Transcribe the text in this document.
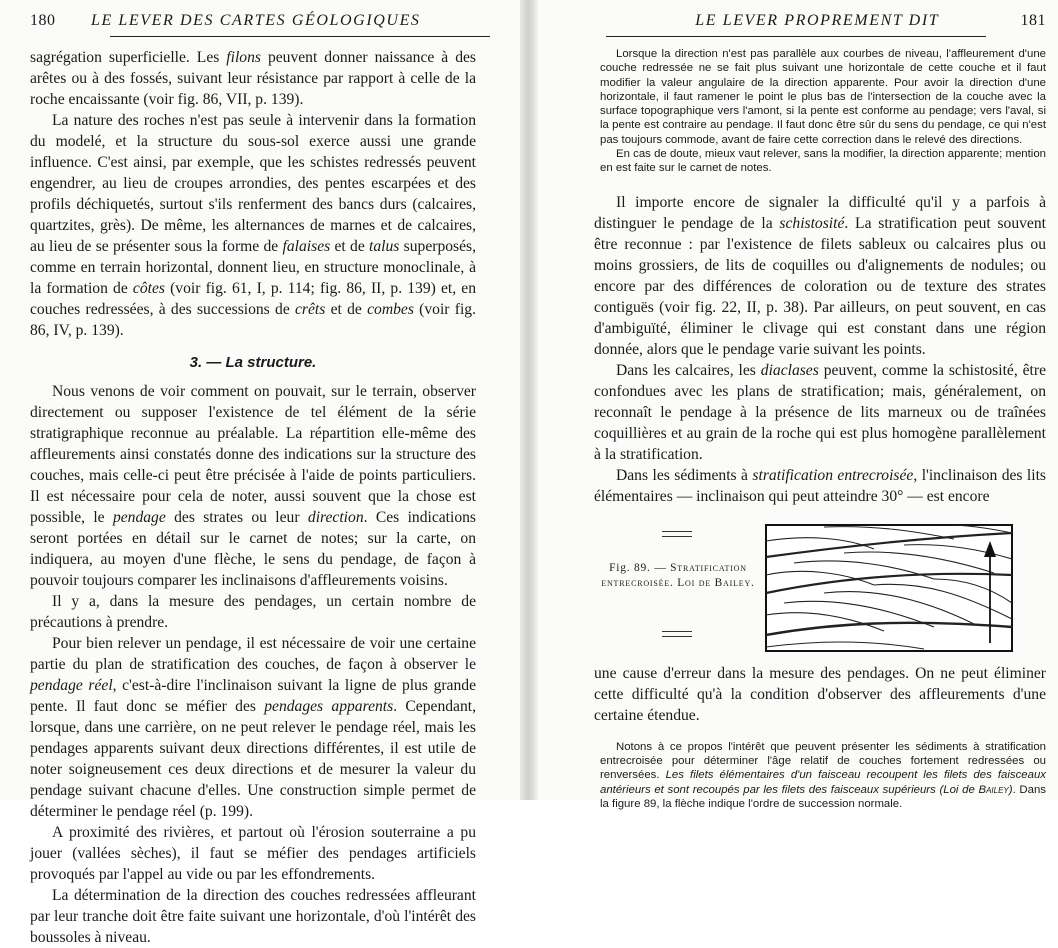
180 LE LEVER DES CARTES GÉOLOGIQUES

sagrégation superficielle. Les filons peuvent donner naissance à des arêtes ou à des fossés, suivant leur résistance par rapport à celle de la roche encaissante (voir fig. 86, VII, p. 139).

La nature des roches n'est pas seule à intervenir dans la formation du modelé, et la structure du sous-sol exerce aussi une grande influence. C'est ainsi, par exemple, que les schistes redressés peuvent engendrer, au lieu de croupes arrondies, des pentes escarpées et des profils déchiquetés, surtout s'ils renferment des bancs durs (calcaires, quartzites, grès). De même, les alternances de marnes et de calcaires, au lieu de se présenter sous la forme de falaises et de talus superposés, comme en terrain horizontal, donnent lieu, en structure monoclinale, à la formation de côtes (voir fig. 61, I, p. 114; fig. 86, II, p. 139) et, en couches redressées, à des successions de crêts et de combes (voir fig. 86, IV, p. 139).

3. — La structure.

Nous venons de voir comment on pouvait, sur le terrain, observer directement ou supposer l'existence de tel élément de la série stratigraphique reconnue au préalable. La répartition elle-même des affleurements ainsi constatés donne des indications sur la structure des couches, mais celle-ci peut être précisée à l'aide de points particuliers. Il est nécessaire pour cela de noter, aussi souvent que la chose est possible, le pendage des strates ou leur direction. Ces indications seront portées en détail sur le carnet de notes; sur la carte, on indiquera, au moyen d'une flèche, le sens du pendage, de façon à pouvoir toujours comparer les inclinaisons d'affleurements voisins.

Il y a, dans la mesure des pendages, un certain nombre de précautions à prendre.

Pour bien relever un pendage, il est nécessaire de voir une certaine partie du plan de stratification des couches, de façon à observer le pendage réel, c'est-à-dire l'inclinaison suivant la ligne de plus grande pente. Il faut donc se méfier des pendages apparents. Cependant, lorsque, dans une carrière, on ne peut relever le pendage réel, mais les pendages apparents suivant deux directions différentes, il est utile de noter soigneusement ces deux directions et de mesurer la valeur du pendage suivant chacune d'elles. Une construction simple permet de déterminer le pendage réel (p. 199).

A proximité des rivières, et partout où l'érosion souterraine a pu jouer (vallées sèches), il faut se méfier des pendages artificiels provoqués par l'appel au vide ou par les effondrements.

La détermination de la direction des couches redressées affleurant par leur tranche doit être faite suivant une horizontale, d'où l'intérêt des boussoles à niveau.

LE LEVER PROPREMENT DIT	181

Lorsque la direction n'est pas parallèle aux courbes de niveau, l'affleurement d'une couche redressée ne se fait plus suivant une horizontale de cette couche et il faut modifier la valeur angulaire de la direction apparente. Pour avoir la direction d'une horizontale, il faut ramener le point le plus bas de l'intersection de la couche avec la surface topographique vers l'amont, si la pente est conforme au pendage; vers l'aval, si la pente est contraire au pendage. Il faut donc être sûr du sens du pendage, ce qui n'est pas toujours commode, avant de faire cette correction dans le relevé des directions.

En cas de doute, mieux vaut relever, sans la modifier, la direction apparente; mention en est faite sur le carnet de notes.

Il importe encore de signaler la difficulté qu'il y a parfois à distinguer le pendage de la schistosité. La stratification peut souvent être reconnue : par l'existence de filets sableux ou calcaires plus ou moins grossiers, de lits de coquilles ou d'alignements de nodules; ou encore par des différences de coloration ou de texture des strates contiguës (voir fig. 22, II, p. 38). Par ailleurs, on peut souvent, en cas d'ambiguïté, éliminer le clivage qui est constant dans une région donnée, alors que le pendage varie suivant les points.

Dans les calcaires, les diaclases peuvent, comme la schistosité, être confondues avec les plans de stratification; mais, généralement, on reconnaît le pendage à la présence de lits marneux ou de traînées coquillières et au grain de la roche qui est plus homogène parallèlement à la stratification.

Dans les sédiments à stratification entrecroisée, l'inclinaison des lits élémentaires — inclinaison qui peut atteindre 30° — est encore

Fig. 89. — Stratification entrecroisée. Loi de Bailey.

une cause d'erreur dans la mesure des pendages. On ne peut éliminer cette difficulté qu'à la condition d'observer des affleurements d'une certaine étendue.

Notons à ce propos l'intérêt que peuvent présenter les sédiments à stratification entrecroisée pour déterminer l'âge relatif de couches fortement redressées ou renversées. Les filets élémentaires d'un faisceau recoupent les filets des faisceaux antérieurs et sont recoupés par les filets des faisceaux supérieurs (Loi de Bailey). Dans la figure 89, la flèche indique l'ordre de succession normale.
